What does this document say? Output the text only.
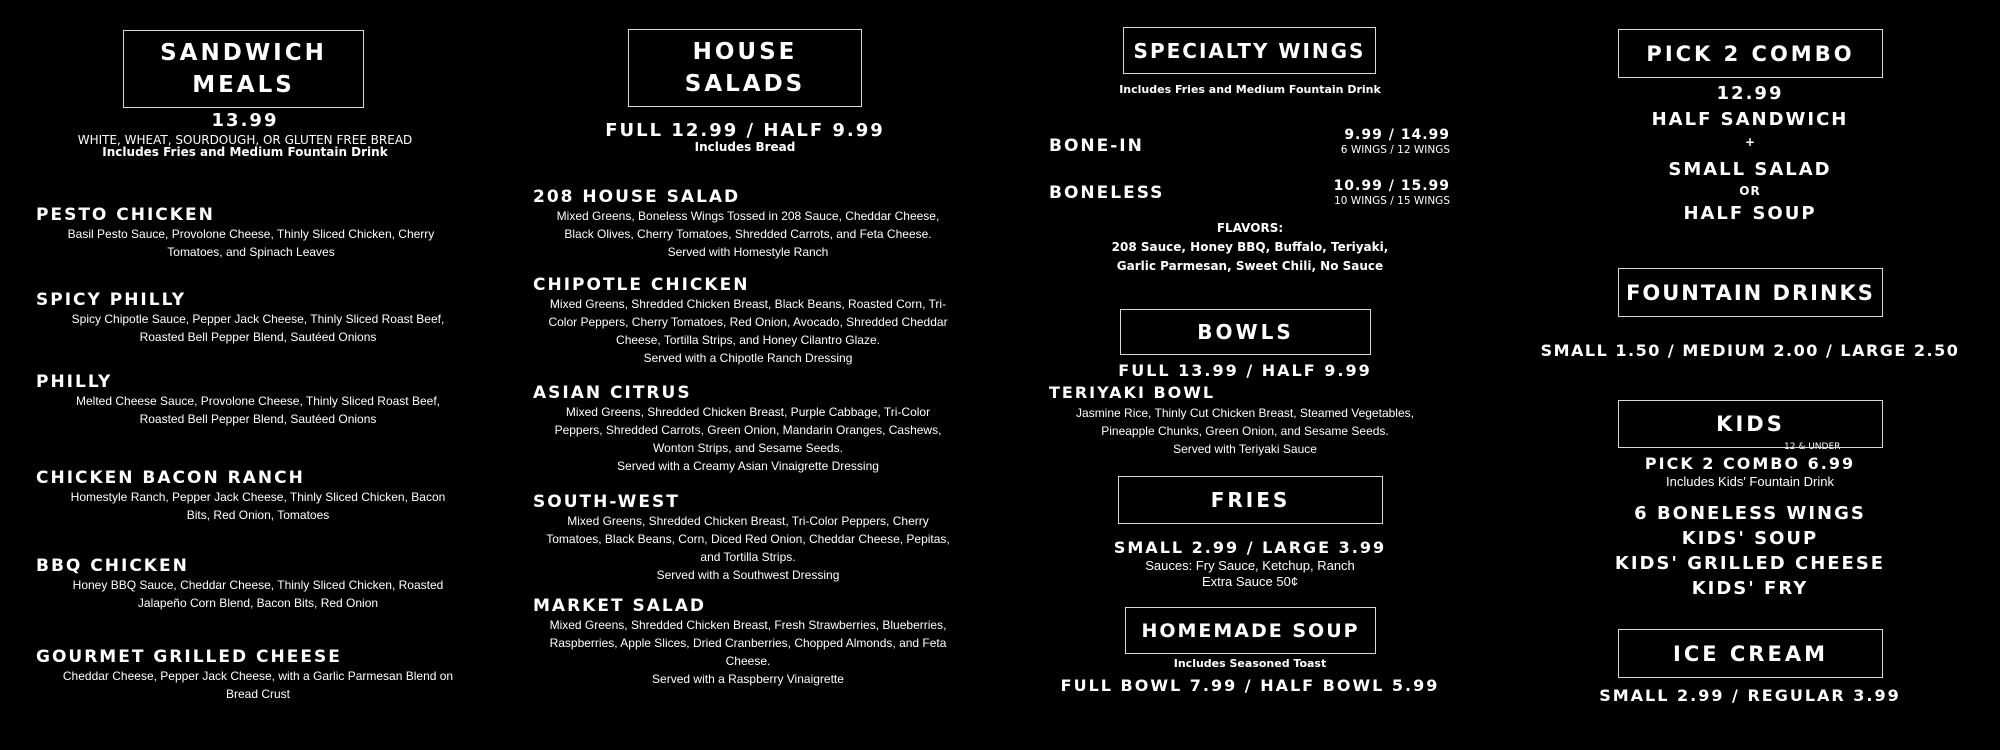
SANDWICH MEALS
13.99
WHITE, WHEAT, SOURDOUGH, OR GLUTEN FREE BREAD
Includes Fries and Medium Fountain Drink
PESTO CHICKEN
Basil Pesto Sauce, Provolone Cheese, Thinly Sliced Chicken, Cherry Tomatoes, and Spinach Leaves
SPICY PHILLY
Spicy Chipotle Sauce, Pepper Jack Cheese, Thinly Sliced Roast Beef, Roasted Bell Pepper Blend, Sautéed Onions
PHILLY
Melted Cheese Sauce, Provolone Cheese, Thinly Sliced Roast Beef, Roasted Bell Pepper Blend, Sautéed Onions
CHICKEN BACON RANCH
Homestyle Ranch, Pepper Jack Cheese, Thinly Sliced Chicken, Bacon Bits, Red Onion, Tomatoes
BBQ CHICKEN
Honey BBQ Sauce, Cheddar Cheese, Thinly Sliced Chicken, Roasted Jalapeño Corn Blend, Bacon Bits, Red Onion
GOURMET GRILLED CHEESE
Cheddar Cheese, Pepper Jack Cheese, with a Garlic Parmesan Blend on Bread Crust
HOUSE SALADS
FULL 12.99 / HALF 9.99
Includes Bread
208 HOUSE SALAD
Mixed Greens, Boneless Wings Tossed in 208 Sauce, Cheddar Cheese, Black Olives, Cherry Tomatoes, Shredded Carrots, and Feta Cheese.
Served with Homestyle Ranch
CHIPOTLE CHICKEN
Mixed Greens, Shredded Chicken Breast, Black Beans, Roasted Corn, Tri-Color Peppers, Cherry Tomatoes, Red Onion, Avocado, Shredded Cheddar Cheese, Tortilla Strips, and Honey Cilantro Glaze.
Served with a Chipotle Ranch Dressing
ASIAN CITRUS
Mixed Greens, Shredded Chicken Breast, Purple Cabbage, Tri-Color Peppers, Shredded Carrots, Green Onion, Mandarin Oranges, Cashews, Wonton Strips, and Sesame Seeds.
Served with a Creamy Asian Vinaigrette Dressing
SOUTH-WEST
Mixed Greens, Shredded Chicken Breast, Tri-Color Peppers, Cherry Tomatoes, Black Beans, Corn, Diced Red Onion, Cheddar Cheese, Pepitas, and Tortilla Strips.
Served with a Southwest Dressing
MARKET SALAD
Mixed Greens, Shredded Chicken Breast, Fresh Strawberries, Blueberries, Raspberries, Apple Slices, Dried Cranberries, Chopped Almonds, and Feta Cheese.
Served with a Raspberry Vinaigrette
SPECIALTY WINGS
Includes Fries and Medium Fountain Drink
BONE-IN
9.99 / 14.99
6 WINGS / 12 WINGS
BONELESS	10.99 / 15.99
10 WINGS / 15 WINGS
FLAVORS:
208 Sauce, Honey BBQ, Buffalo, Teriyaki,
Garlic Parmesan, Sweet Chili, No Sauce
BOWLS
FULL 13.99 / HALF 9.99
TERIYAKI BOWL
Jasmine Rice, Thinly Cut Chicken Breast, Steamed Vegetables, Pineapple Chunks, Green Onion, and Sesame Seeds.
Served with Teriyaki Sauce
FRIES
SMALL 2.99 / LARGE 3.99
Sauces: Fry Sauce, Ketchup, Ranch
Extra Sauce 50¢
HOMEMADE SOUP
Includes Seasoned Toast
FULL BOWL 7.99 / HALF BOWL 5.99
PICK 2 COMBO
12.99
HALF SANDWICH
+
SMALL SALAD
OR
HALF SOUP
FOUNTAIN DRINKS
SMALL 1.50 / MEDIUM 2.00 / LARGE 2.50
KIDS
12 & UNDER
PICK 2 COMBO 6.99
Includes Kids' Fountain Drink
6 BONELESS WINGS
KIDS' SOUP
KIDS' GRILLED CHEESE
KIDS' FRY
ICE CREAM
SMALL 2.99 / REGULAR 3.99
